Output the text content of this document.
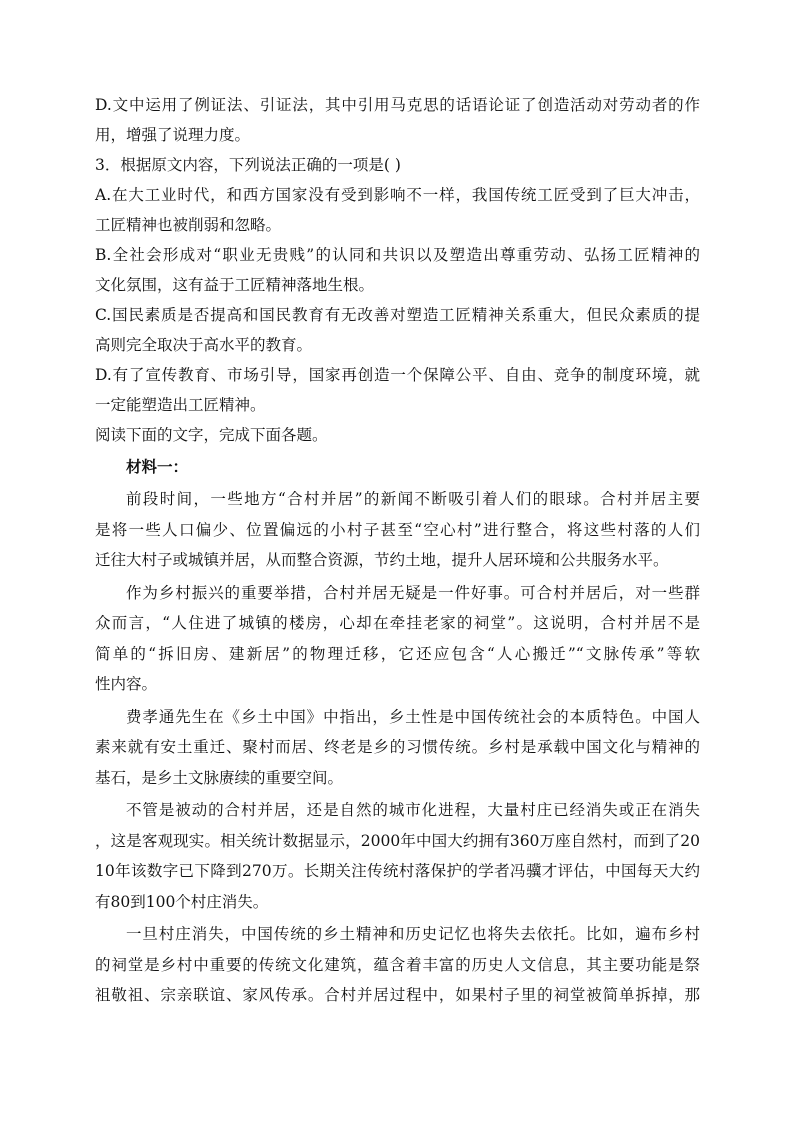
D.文中运用了例证法、引证法，其中引用马克思的话语论证了创造活动对劳动者的作
用，增强了说理力度。
3．根据原文内容，下列说法正确的一项是( )
A.在大工业时代，和西方国家没有受到影响不一样，我国传统工匠受到了巨大冲击，
工匠精神也被削弱和忽略。
B.全社会形成对“职业无贵贱”的认同和共识以及塑造出尊重劳动、弘扬工匠精神的
文化氛围，这有益于工匠精神落地生根。
C.国民素质是否提高和国民教育有无改善对塑造工匠精神关系重大，但民众素质的提
高则完全取决于高水平的教育。
D.有了宣传教育、市场引导，国家再创造一个保障公平、自由、竞争的制度环境，就
一定能塑造出工匠精神。
阅读下面的文字，完成下面各题。
材料一：
前段时间，一些地方“合村并居”的新闻不断吸引着人们的眼球。合村并居主要
是将一些人口偏少、位置偏远的小村子甚至“空心村”进行整合，将这些村落的人们
迁往大村子或城镇并居，从而整合资源，节约土地，提升人居环境和公共服务水平。
作为乡村振兴的重要举措，合村并居无疑是一件好事。可合村并居后，对一些群
众而言，“人住进了城镇的楼房，心却在牵挂老家的祠堂”。这说明，合村并居不是
简单的“拆旧房、建新居”的物理迁移，它还应包含“人心搬迁”“文脉传承”等软
性内容。
费孝通先生在《乡土中国》中指出，乡土性是中国传统社会的本质特色。中国人
素来就有安土重迁、聚村而居、终老是乡的习惯传统。乡村是承载中国文化与精神的
基石，是乡土文脉赓续的重要空间。
不管是被动的合村并居，还是自然的城市化进程，大量村庄已经消失或正在消失
，这是客观现实。相关统计数据显示，2000年中国大约拥有360万座自然村，而到了20
10年该数字已下降到270万。长期关注传统村落保护的学者冯骥才评估，中国每天大约
有80到100个村庄消失。
一旦村庄消失，中国传统的乡土精神和历史记忆也将失去依托。比如，遍布乡村
的祠堂是乡村中重要的传统文化建筑，蕴含着丰富的历史人文信息，其主要功能是祭
祖敬祖、宗亲联谊、家风传承。合村并居过程中，如果村子里的祠堂被简单拆掉，那
